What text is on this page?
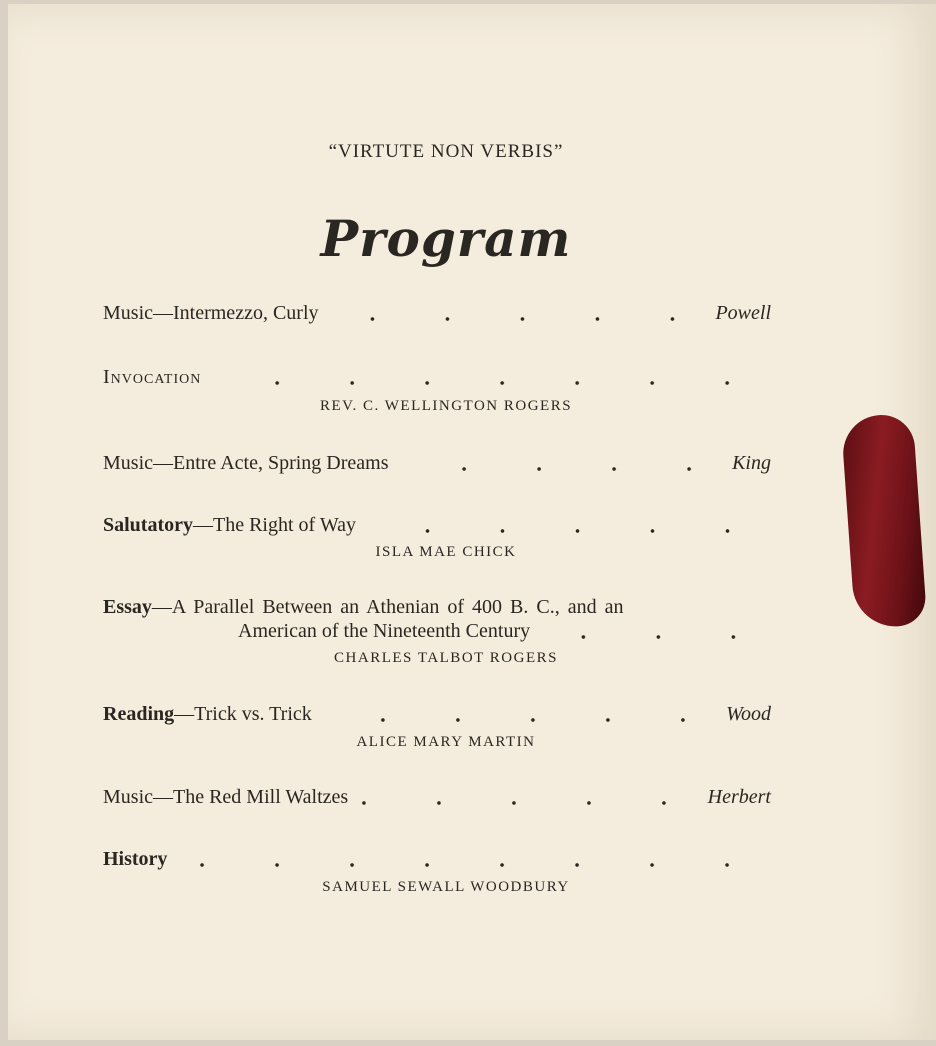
“VIRTUTE NON VERBIS”
Program
Music —Intermezzo, Curly	Powell
Invocation
REV. C. WELLINGTON ROGERS
Music —Entre Acte, Spring Dreams	King
Salutatory —The Right of Way
ISLA MAE CHICK
Essay —A Parallel Between an Athenian of 400 B. C., and an
American of the Nineteenth Century
CHARLES TALBOT ROGERS
Reading —Trick vs. Trick	Wood
ALICE MARY MARTIN
Music —The Red Mill Waltzes	Herbert
History
SAMUEL SEWALL WOODBURY
